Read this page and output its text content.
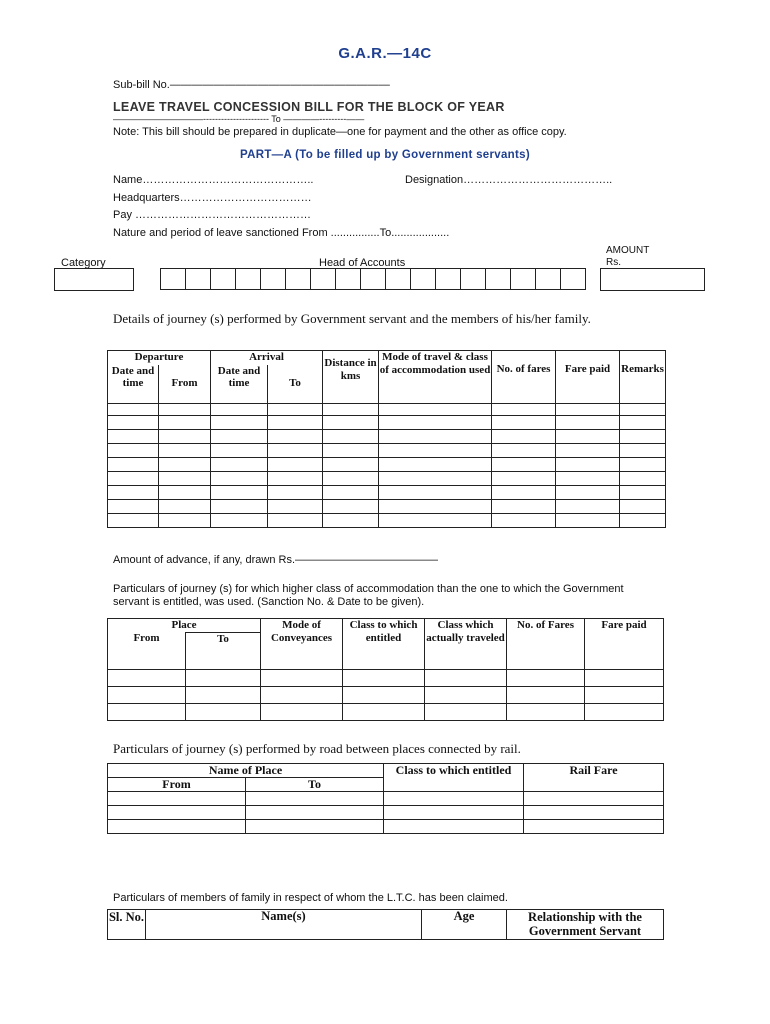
G.A.R.—14C
Sub-bill No.————————————————————
LEAVE TRAVEL CONCESSION BILL FOR THE BLOCK OF YEAR
——————————---------------------- To ————---------——
Note: This bill should be prepared in duplicate—one for payment and the other as office copy.
PART—A (To be filled up by Government servants)
Name………………………………………..	Designation…………………………………..
Headquarters………………………………
Pay …………………………………………
Nature and period of leave sanctioned From ................To...................
AMOUNT
Rs.
Category	Head of Accounts

Details of journey (s) performed by Government servant and the members of his/her family.
Departure		Arrival		Distance in kms	Mode of travel & class of accommodation used	No. of fares	Fare paid	Remarks
Date and time	From	Date and time	To					

Amount of advance, if any, drawn Rs.—————————————
Particulars of journey (s) for which higher class of accommodation than the one to which the Government servant is entitled, was used. (Sanction No. & Date to be given).
Place		Mode of Conveyances	Class to which entitled	Class which actually traveled	No. of Fares	Fare paid
From	To					

Particulars of journey (s) performed by road between places connected by rail.
Name of Place		Class to which entitled	Rail Fare
From	To		

Particulars of members of family in respect of whom the L.T.C. has been claimed.
Sl. No.	Name(s)	Age	Relationship with the Government Servant
